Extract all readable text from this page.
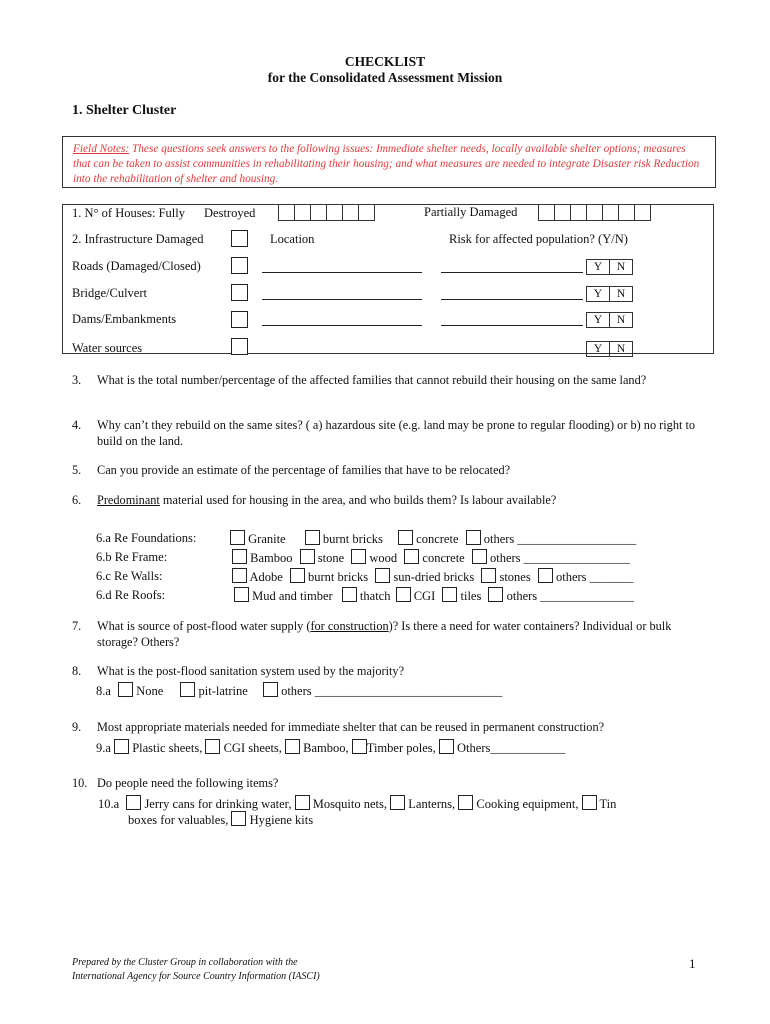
CHECKLIST
for the Consolidated Assessment Mission
1. Shelter Cluster
Field Notes: These questions seek answers to the following issues: Immediate shelter needs, locally available shelter options; measures that can be taken to assist communities in rehabilitating their housing; and what measures are needed to integrate Disaster risk Reduction into the rehabilitation of shelter and housing.
1. N° of Houses: Fully Destroyed	Partially Damaged
2. Infrastructure Damaged	Location	Risk for affected population? (Y/N)
Roads (Damaged/Closed)	Y	N
Bridge/Culvert	Y	N
Dams/Embankments	Y	N
Water sources	Y	N
3. What is the total number/percentage of the affected families that cannot rebuild their housing on the same land?
4. Why can’t they rebuild on the same sites? ( a) hazardous site (e.g. land may be prone to regular flooding) or b) no right to build on the land.
5. Can you provide an estimate of the percentage of families that have to be relocated?
6. Predominant material used for housing in the area, and who builds them? Is labour available?
6.a Re Foundations:	Granite	burnt bricks	concrete others ___________________
6.b Re Frame:	Bamboo stone wood concrete others _________________
6.c Re Walls:	Adobe burnt bricks sun-dried bricks stones others _______
6.d Re Roofs:	Mud and timber thatch CGI tiles others _______________
7. What is source of post-flood water supply (for construction)? Is there a need for water containers? Individual or bulk storage? Others?
8. What is the post-flood sanitation system used by the majority?
8.a None	pit-latrine	others ______________________________
9. Most appropriate materials needed for immediate shelter that can be reused in permanent construction?
9.a Plastic sheets, CGI sheets, Bamboo, Timber poles, Others____________
10. Do people need the following items?
10.a Jerry cans for drinking water, Mosquito nets, Lanterns, Cooking equipment, Tin
boxes for valuables, Hygiene kits
Prepared by the Cluster Group in collaboration with the
International Agency for Source Country Information (IASCI)
1
